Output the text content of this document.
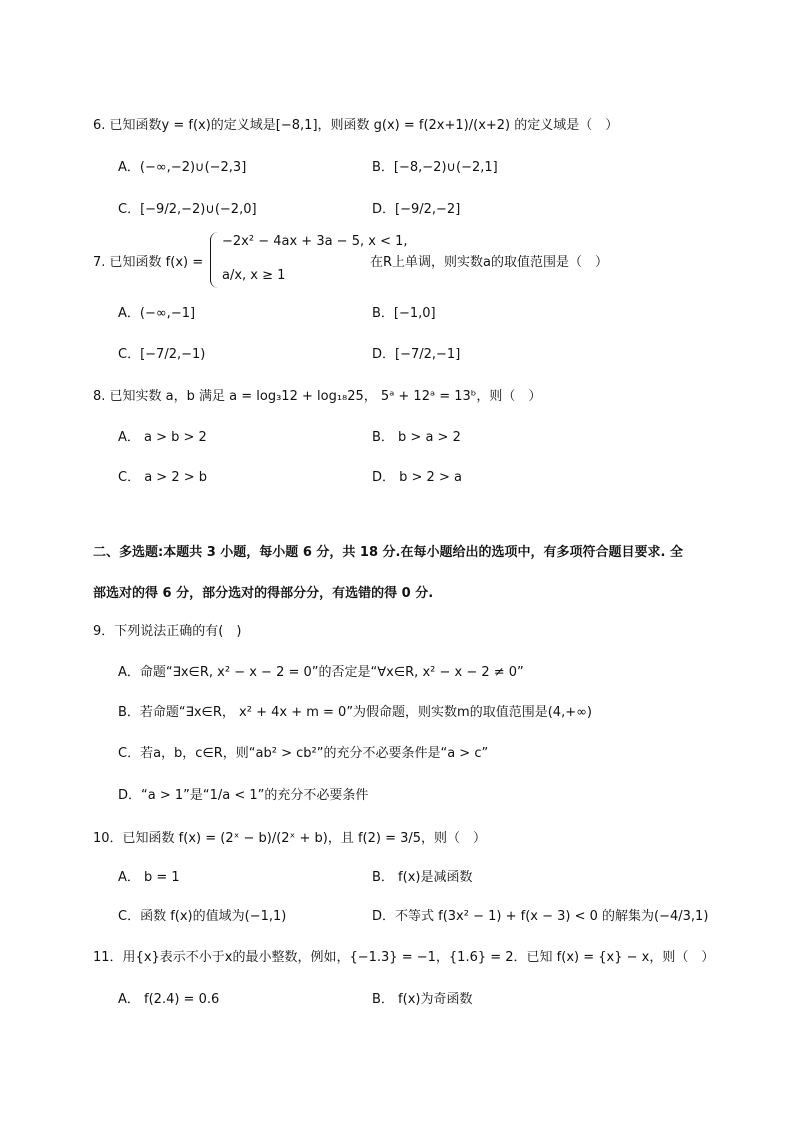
6. 已知函数y = f(x)的定义域是[−8,1]，则函数 g(x) = f(2x+1)/(x+2) 的定义域是（　）
A．(−∞,−2)∪(−2,3]	B．[−8,−2)∪(−2,1]
C．[−9/2,−2)∪(−2,0]	D．[−9/2,−2]
7. 已知函数 f(x) =
−2x² − 4ax + 3a − 5, x < 1,
a/x, x ≥ 1
在R上单调，则实数a的取值范围是（　）
A．(−∞,−1]	B．[−1,0]
C．[−7/2,−1)	D．[−7/2,−1]
8. 已知实数 a，b 满足 a = log₃12 + log₁₈25， 5ᵃ + 12ᵃ = 13ᵇ，则（　）
A． a > b > 2	B． b > a > 2
C． a > 2 > b	D． b > 2 > a
二、多选题:本题共 3 小题，每小题 6 分，共 18 分.在每小题给出的选项中，有多项符合题目要求. 全
部选对的得 6 分，部分选对的得部分分，有选错的得 0 分.
9．下列说法正确的有(　)
A．命题“∃x∈R, x² − x − 2 = 0”的否定是“∀x∈R, x² − x − 2 ≠ 0”
B．若命题“∃x∈R， x² + 4x + m = 0”为假命题，则实数m的取值范围是(4,+∞)
C．若a，b，c∈R，则“ab² > cb²”的充分不必要条件是“a > c”
D．“a > 1”是“1/a < 1”的充分不必要条件
10．已知函数 f(x) = (2ˣ − b)/(2ˣ + b)，且 f(2) = 3/5，则（　）
A． b = 1	B． f(x)是减函数
C．函数 f(x)的值域为(−1,1)	D．不等式 f(3x² − 1) + f(x − 3) < 0 的解集为(−4/3,1)
11．用{x}表示不小于x的最小整数，例如，{−1.3} = −1，{1.6} = 2．已知 f(x) = {x} − x，则（　）
A． f(2.4) = 0.6	B． f(x)为奇函数
